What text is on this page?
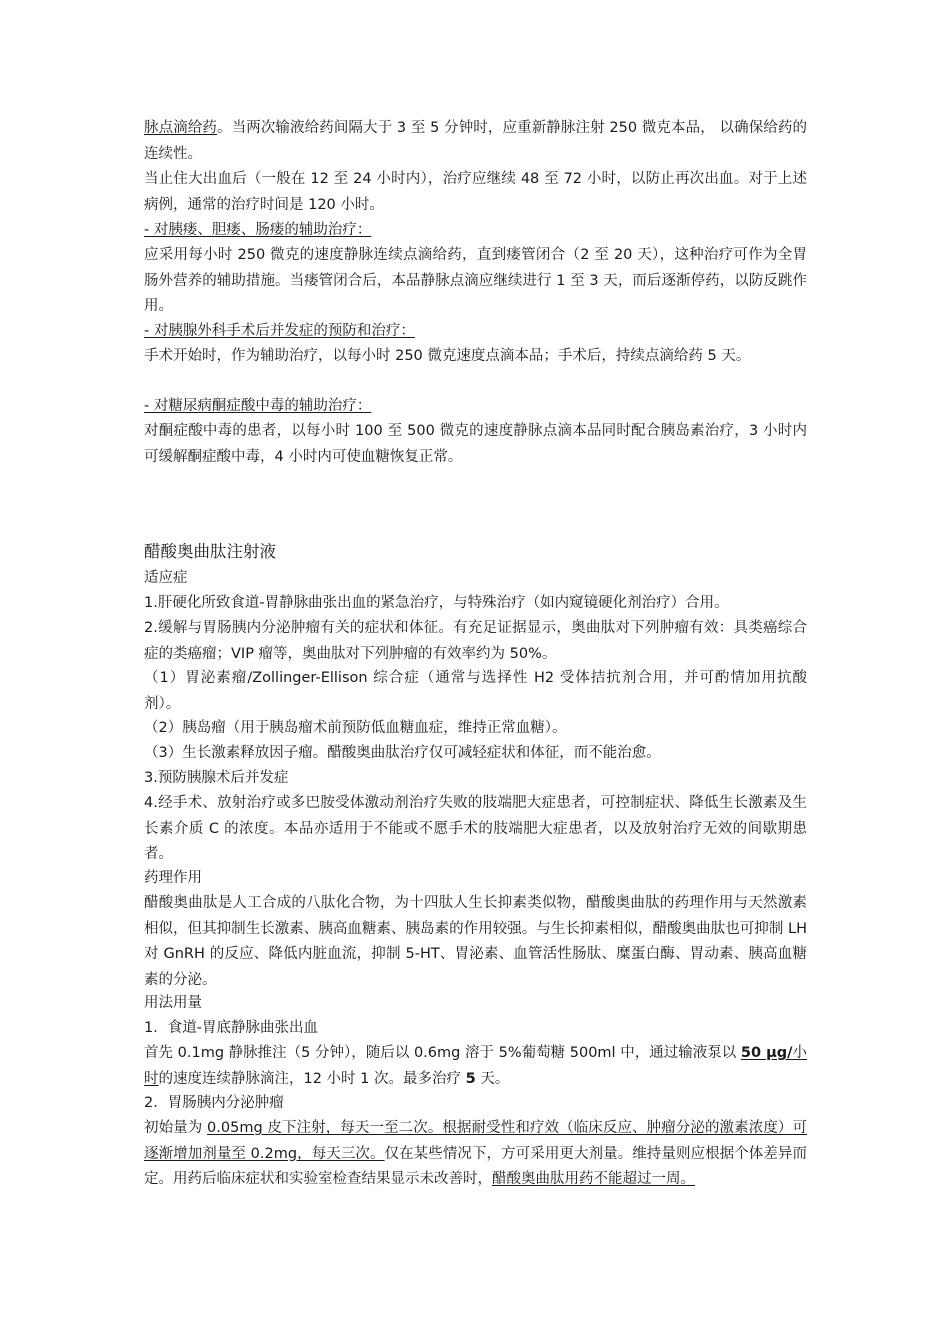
脉点滴给药。当两次输液给药间隔大于 3 至 5 分钟时，应重新静脉注射 250 微克本品， 以确保给药的连续性。

当止住大出血后（一般在 12 至 24 小时内），治疗应继续 48 至 72 小时，以防止再次出血。对于上述病例，通常的治疗时间是 120 小时。

- 对胰瘘、胆瘘、肠瘘的辅助治疗：

应采用每小时 250 微克的速度静脉连续点滴给药，直到瘘管闭合（2 至 20 天），这种治疗可作为全胃肠外营养的辅助措施。当瘘管闭合后，本品静脉点滴应继续进行 1 至 3 天，而后逐渐停药，以防反跳作用。

- 对胰腺外科手术后并发症的预防和治疗：

手术开始时，作为辅助治疗，以每小时 250 微克速度点滴本品；手术后，持续点滴给药 5 天。

- 对糖尿病酮症酸中毒的辅助治疗：

对酮症酸中毒的患者，以每小时 100 至 500 微克的速度静脉点滴本品同时配合胰岛素治疗，3 小时内可缓解酮症酸中毒，4 小时内可使血糖恢复正常。

醋酸奥曲肽注射液

适应症

1.肝硬化所致食道-胃静脉曲张出血的紧急治疗，与特殊治疗（如内窥镜硬化剂治疗）合用。

2.缓解与胃肠胰内分泌肿瘤有关的症状和体征。有充足证据显示，奥曲肽对下列肿瘤有效：具类癌综合症的类癌瘤；VIP 瘤等，奥曲肽对下列肿瘤的有效率约为 50%。

（1）胃泌素瘤/Zollinger-Ellison 综合症（通常与选择性 H2 受体拮抗剂合用，并可酌情加用抗酸剂）。

（2）胰岛瘤（用于胰岛瘤术前预防低血糖血症，维持正常血糖）。

（3）生长激素释放因子瘤。醋酸奥曲肽治疗仅可减轻症状和体征，而不能治愈。

3.预防胰腺术后并发症

4.经手术、放射治疗或多巴胺受体激动剂治疗失败的肢端肥大症患者，可控制症状、降低生长激素及生长素介质 C 的浓度。本品亦适用于不能或不愿手术的肢端肥大症患者，以及放射治疗无效的间歇期患者。

药理作用

醋酸奥曲肽是人工合成的八肽化合物，为十四肽人生长抑素类似物，醋酸奥曲肽的药理作用与天然激素相似，但其抑制生长激素、胰高血糖素、胰岛素的作用较强。与生长抑素相似，醋酸奥曲肽也可抑制 LH 对 GnRH 的反应、降低内脏血流，抑制 5-HT、胃泌素、血管活性肠肽、糜蛋白酶、胃动素、胰高血糖素的分泌。

用法用量

1．食道-胃底静脉曲张出血

首先 0.1mg 静脉推注（5 分钟），随后以 0.6mg 溶于 5%葡萄糖 500ml 中，通过输液泵以 50 μg/小时的速度连续静脉滴注，12 小时 1 次。最多治疗 5 天。

2．胃肠胰内分泌肿瘤

初始量为 0.05mg 皮下注射，每天一至二次。根据耐受性和疗效（临床反应、肿瘤分泌的激素浓度）可逐渐增加剂量至 0.2mg，每天三次。仅在某些情况下，方可采用更大剂量。维持量则应根据个体差异而定。用药后临床症状和实验室检查结果显示未改善时，醋酸奥曲肽用药不能超过一周。
